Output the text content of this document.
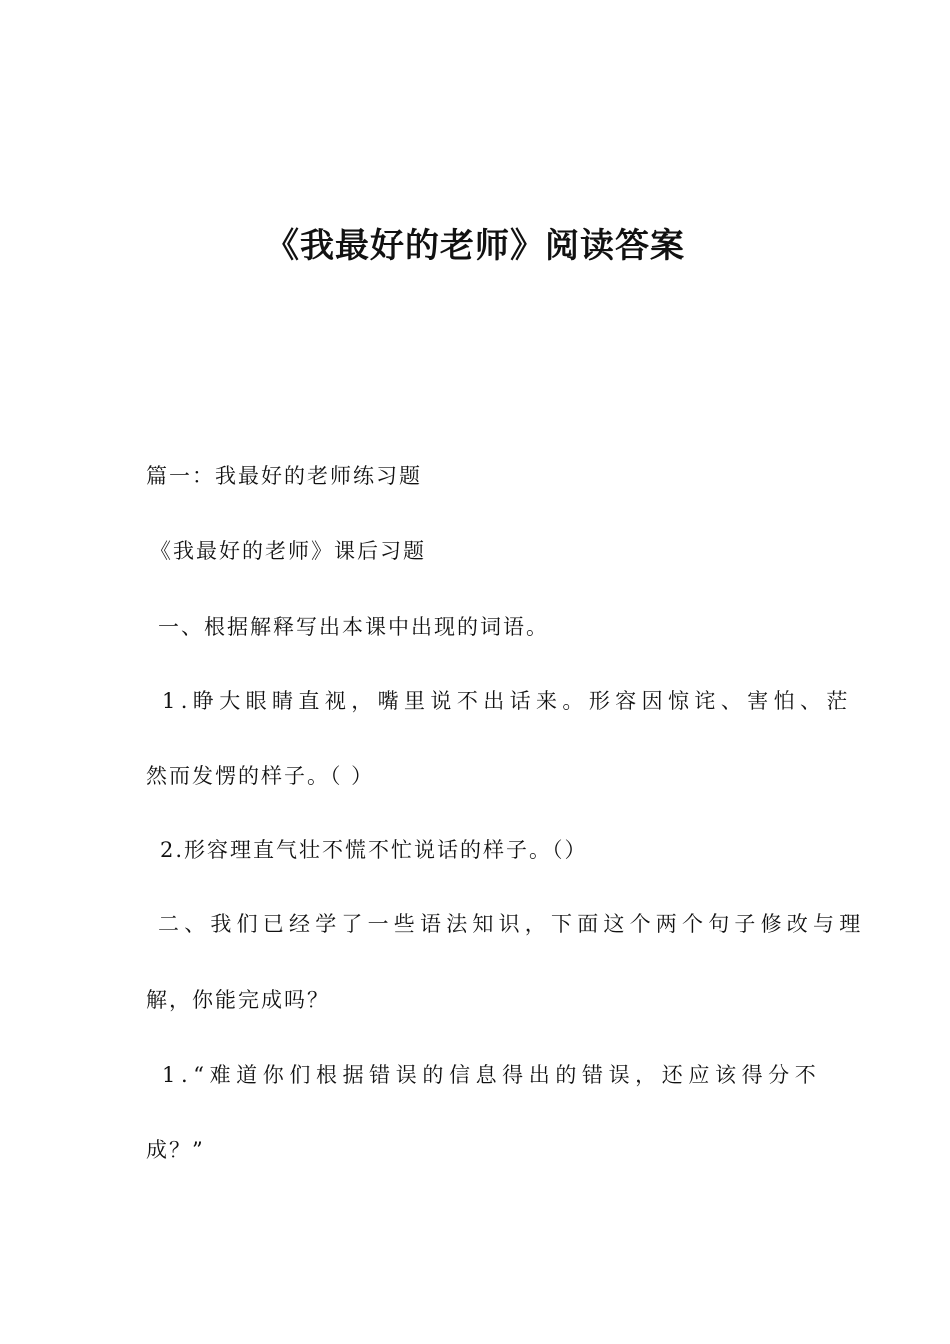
《我最好的老师》阅读答案
篇一：我最好的老师练习题
《我最好的老师》课后习题
一、根据解释写出本课中出现的词语。
1.睁大眼睛直视，嘴里说不出话来。形容因惊诧、害怕、茫
然而发愣的样子。（ ）
2.形容理直气壮不慌不忙说话的样子。（）
二、我们已经学了一些语法知识，下面这个两个句子修改与理
解，你能完成吗？
1.“难道你们根据错误的信息得出的错误，还应该得分不
成？”
